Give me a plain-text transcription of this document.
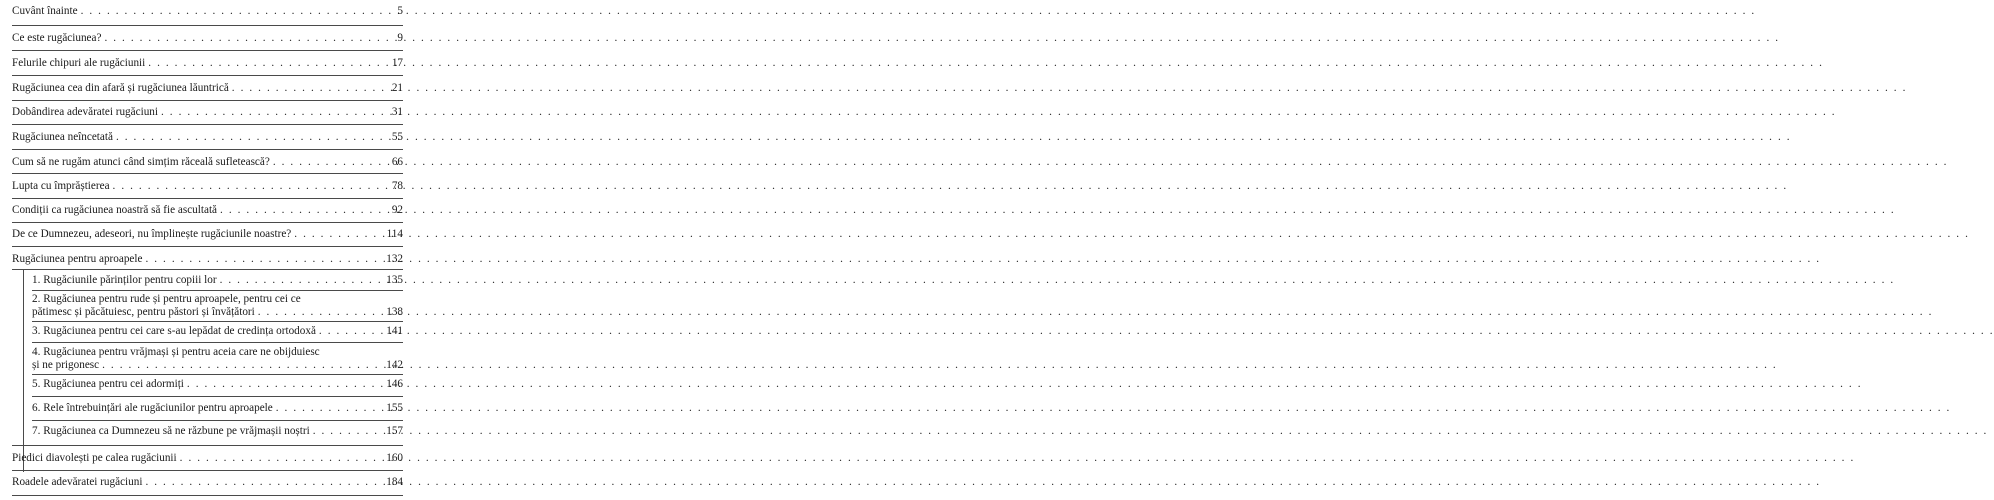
Cuvânt înainte . . .	5
Ce este rugăciunea? . . .	9
Felurile chipuri ale rugăciunii . . .	17
Rugăciunea cea din afară și rugăciunea lăuntrică . . .	21
Dobândirea adevăratei rugăciuni . . .	31
Rugăciunea neîncetată . . .	55
Cum să ne rugăm atunci când simțim răceală sufletească? . . .	66
Lupta cu împrăștierea . . .	78
Condiții ca rugăciunea noastră să fie ascultată . . .	92
De ce Dumnezeu, adeseori, nu împlinește rugăciunile noastre? . . .	114
Rugăciunea pentru aproapele . . .	132
1. Rugăciunile părinților pentru copiii lor . . .	135
2. Rugăciunea pentru rude și pentru aproapele, pentru cei ce
pătimesc și păcătuiesc, pentru păstori și învățători . . .	138
3. Rugăciunea pentru cei care s-au lepădat de credința ortodoxă . . .	141
4. Rugăciunea pentru vrăjmași și pentru aceia care ne obijduiesc
și ne prigonesc . . .	142
5. Rugăciunea pentru cei adormiți . . .	146
6. Rele întrebuințări ale rugăciunilor pentru aproapele . . .	155
7. Rugăciunea ca Dumnezeu să ne răzbune pe vrăjmașii noștri . . .	157
Piedici diavolești pe calea rugăciunii . . .	160
Roadele adevăratei rugăciuni . . .	184
